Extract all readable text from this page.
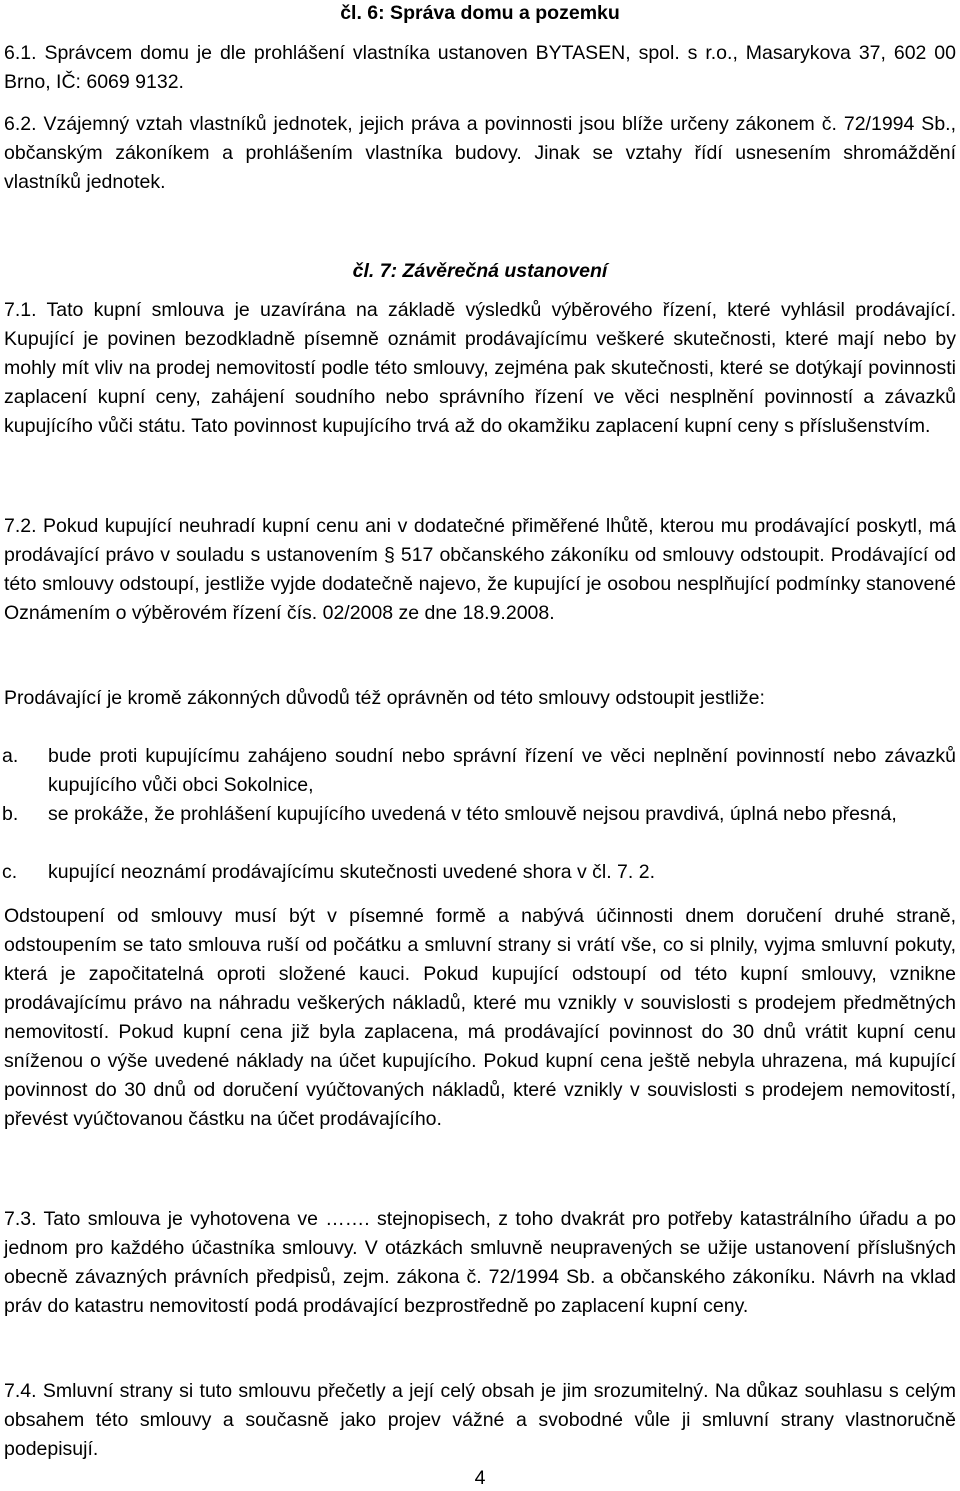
čl. 6: Správa domu a pozemku

6.1. Správcem domu je dle prohlášení vlastníka ustanoven BYTASEN, spol. s r.o., Masarykova 37, 602 00 Brno, IČ: 6069 9132.

6.2. Vzájemný vztah vlastníků jednotek, jejich práva a povinnosti jsou blíže určeny zákonem č. 72/1994 Sb., občanským zákoníkem a prohlášením vlastníka budovy. Jinak se vztahy řídí usnesením shromáždění vlastníků jednotek.

čl. 7: Závěrečná ustanovení

7.1. Tato kupní smlouva je uzavírána na základě výsledků výběrového řízení, které vyhlásil prodávající. Kupující je povinen bezodkladně písemně oznámit prodávajícímu veškeré skutečnosti, které mají nebo by mohly mít vliv na prodej nemovitostí podle této smlouvy, zejména pak skutečnosti, které se dotýkají povinnosti zaplacení kupní ceny, zahájení soudního nebo správního řízení ve věci nesplnění povinností a závazků kupujícího vůči státu. Tato povinnost kupujícího trvá až do okamžiku zaplacení kupní ceny s příslušenstvím.

7.2. Pokud kupující neuhradí kupní cenu ani v dodatečné přiměřené lhůtě, kterou mu prodávající poskytl, má prodávající právo v souladu s ustanovením § 517 občanského zákoníku od smlouvy odstoupit. Prodávající od této smlouvy odstoupí, jestliže vyjde dodatečně najevo, že kupující je osobou nesplňující podmínky stanovené Oznámením o výběrovém řízení čís. 02/2008 ze dne 18.9.2008.

Prodávající je kromě zákonných důvodů též oprávněn od této smlouvy odstoupit jestliže:

a.	bude proti kupujícímu zahájeno soudní nebo správní řízení ve věci neplnění povinností nebo závazků kupujícího vůči obci Sokolnice,
b.	se prokáže, že prohlášení kupujícího uvedená v této smlouvě nejsou pravdivá, úplná nebo přesná,
c.	kupující neoznámí prodávajícímu skutečnosti uvedené shora v čl. 7. 2.

Odstoupení od smlouvy musí být v písemné formě a nabývá účinnosti dnem doručení druhé straně, odstoupením se tato smlouva ruší od počátku a smluvní strany si vrátí vše, co si plnily, vyjma smluvní pokuty, která je započitatelná oproti složené kauci. Pokud kupující odstoupí od této kupní smlouvy, vznikne prodávajícímu právo na náhradu veškerých nákladů, které mu vznikly v souvislosti s prodejem předmětných nemovitostí. Pokud kupní cena již byla zaplacena, má prodávající povinnost do 30 dnů vrátit kupní cenu sníženou o výše uvedené náklady na účet kupujícího. Pokud kupní cena ještě nebyla uhrazena, má kupující povinnost do 30 dnů od doručení vyúčtovaných nákladů, které vznikly v souvislosti s prodejem nemovitostí, převést vyúčtovanou částku na účet prodávajícího.

7.3. Tato smlouva je vyhotovena ve ……. stejnopisech, z toho dvakrát pro potřeby katastrálního úřadu a po jednom pro každého účastníka smlouvy. V otázkách smluvně neupravených se užije ustanovení příslušných obecně závazných právních předpisů, zejm. zákona č. 72/1994 Sb. a občanského zákoníku. Návrh na vklad práv do katastru nemovitostí podá prodávající bezprostředně po zaplacení kupní ceny.

7.4. Smluvní strany si tuto smlouvu přečetly a její celý obsah je jim srozumitelný. Na důkaz souhlasu s celým obsahem této smlouvy a současně jako projev vážné a svobodné vůle ji smluvní strany vlastnoručně podepisují.

4
